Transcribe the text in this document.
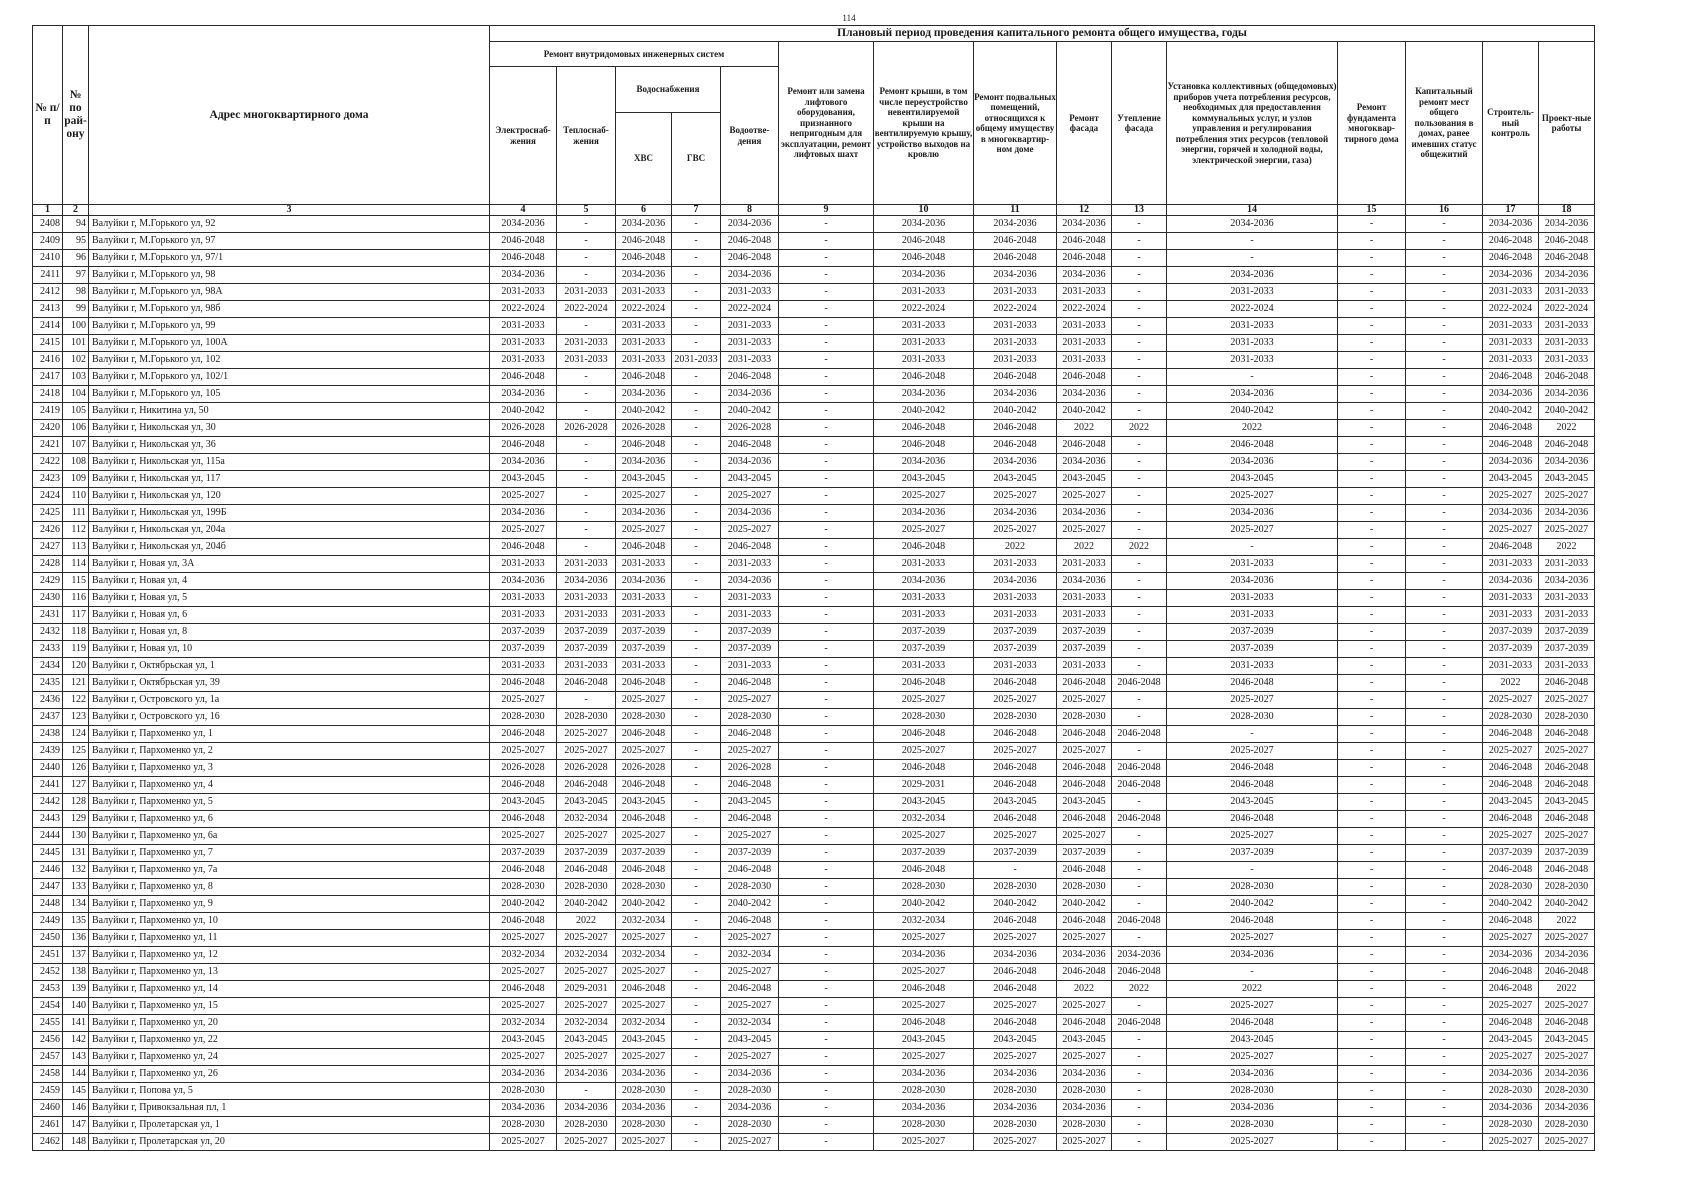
114
№ п/п	№ по рай-ону	Адрес многоквартирного дома	Плановый период проведения капитального ремонта общего имущества, годы														
			Ремонт внутридомовых инженерных систем					Ремонт или замена лифтового оборудования, признанного непригодным для эксплуатации, ремонт лифтовых шахт	Ремонт крыши, в том числе переустройство невентилируемой крыши на вентилируемую крышу, устройство выходов на кровлю	Ремонт подвальных помещений, относящихся к общему имуществу в многоквартир-ном доме	Ремонт фасада	Утепление фасада	Установка коллективных (общедомовых) приборов учета потребления ресурсов, необходимых для предоставления коммунальных услуг, и узлов управления и регулирования потребления этих ресурсов (тепловой энергии, горячей и холодной воды, электрической энергии, газа)	Ремонт фундамента многоквар-тирного дома	Капитальный ремонт мест общего пользования в домах, ранее имевших статус общежитий	Строитель-ный контроль	Проект-ные работы
			Электроснаб-жения	Теплоснаб-жения	Водоснабжения		Водоотве-дения										
					ХВС	ГВС											
1	2	3	4	5	6	7	8	9	10	11	12	13	14	15	16	17	18
2408	94	Валуйки г, М.Горького ул, 92	2034-2036	-	2034-2036	-	2034-2036	-	2034-2036	2034-2036	2034-2036	-	2034-2036	-	-	2034-2036	2034-2036
2409	95	Валуйки г, М.Горького ул, 97	2046-2048	-	2046-2048	-	2046-2048	-	2046-2048	2046-2048	2046-2048	-	-	-	-	2046-2048	2046-2048
2410	96	Валуйки г, М.Горького ул, 97/1	2046-2048	-	2046-2048	-	2046-2048	-	2046-2048	2046-2048	2046-2048	-	-	-	-	2046-2048	2046-2048
2411	97	Валуйки г, М.Горького ул, 98	2034-2036	-	2034-2036	-	2034-2036	-	2034-2036	2034-2036	2034-2036	-	2034-2036	-	-	2034-2036	2034-2036
2412	98	Валуйки г, М.Горького ул, 98А	2031-2033	2031-2033	2031-2033	-	2031-2033	-	2031-2033	2031-2033	2031-2033	-	2031-2033	-	-	2031-2033	2031-2033
2413	99	Валуйки г, М.Горького ул, 98б	2022-2024	2022-2024	2022-2024	-	2022-2024	-	2022-2024	2022-2024	2022-2024	-	2022-2024	-	-	2022-2024	2022-2024
2414	100	Валуйки г, М.Горького ул, 99	2031-2033	-	2031-2033	-	2031-2033	-	2031-2033	2031-2033	2031-2033	-	2031-2033	-	-	2031-2033	2031-2033
2415	101	Валуйки г, М.Горького ул, 100А	2031-2033	2031-2033	2031-2033	-	2031-2033	-	2031-2033	2031-2033	2031-2033	-	2031-2033	-	-	2031-2033	2031-2033
2416	102	Валуйки г, М.Горького ул, 102	2031-2033	2031-2033	2031-2033	2031-2033	2031-2033	-	2031-2033	2031-2033	2031-2033	-	2031-2033	-	-	2031-2033	2031-2033
2417	103	Валуйки г, М.Горького ул, 102/1	2046-2048	-	2046-2048	-	2046-2048	-	2046-2048	2046-2048	2046-2048	-	-	-	-	2046-2048	2046-2048
2418	104	Валуйки г, М.Горького ул, 105	2034-2036	-	2034-2036	-	2034-2036	-	2034-2036	2034-2036	2034-2036	-	2034-2036	-	-	2034-2036	2034-2036
2419	105	Валуйки г, Никитина ул, 50	2040-2042	-	2040-2042	-	2040-2042	-	2040-2042	2040-2042	2040-2042	-	2040-2042	-	-	2040-2042	2040-2042
2420	106	Валуйки г, Никольская ул, 30	2026-2028	2026-2028	2026-2028	-	2026-2028	-	2046-2048	2046-2048	2022	2022	2022	-	-	2046-2048	2022
2421	107	Валуйки г, Никольская ул, 36	2046-2048	-	2046-2048	-	2046-2048	-	2046-2048	2046-2048	2046-2048	-	2046-2048	-	-	2046-2048	2046-2048
2422	108	Валуйки г, Никольская ул, 115а	2034-2036	-	2034-2036	-	2034-2036	-	2034-2036	2034-2036	2034-2036	-	2034-2036	-	-	2034-2036	2034-2036
2423	109	Валуйки г, Никольская ул, 117	2043-2045	-	2043-2045	-	2043-2045	-	2043-2045	2043-2045	2043-2045	-	2043-2045	-	-	2043-2045	2043-2045
2424	110	Валуйки г, Никольская ул, 120	2025-2027	-	2025-2027	-	2025-2027	-	2025-2027	2025-2027	2025-2027	-	2025-2027	-	-	2025-2027	2025-2027
2425	111	Валуйки г, Никольская ул, 199Б	2034-2036	-	2034-2036	-	2034-2036	-	2034-2036	2034-2036	2034-2036	-	2034-2036	-	-	2034-2036	2034-2036
2426	112	Валуйки г, Никольская ул, 204а	2025-2027	-	2025-2027	-	2025-2027	-	2025-2027	2025-2027	2025-2027	-	2025-2027	-	-	2025-2027	2025-2027
2427	113	Валуйки г, Никольская ул, 204б	2046-2048	-	2046-2048	-	2046-2048	-	2046-2048	2022	2022	2022	-	-	-	2046-2048	2022
2428	114	Валуйки г, Новая ул, 3А	2031-2033	2031-2033	2031-2033	-	2031-2033	-	2031-2033	2031-2033	2031-2033	-	2031-2033	-	-	2031-2033	2031-2033
2429	115	Валуйки г, Новая ул, 4	2034-2036	2034-2036	2034-2036	-	2034-2036	-	2034-2036	2034-2036	2034-2036	-	2034-2036	-	-	2034-2036	2034-2036
2430	116	Валуйки г, Новая ул, 5	2031-2033	2031-2033	2031-2033	-	2031-2033	-	2031-2033	2031-2033	2031-2033	-	2031-2033	-	-	2031-2033	2031-2033
2431	117	Валуйки г, Новая ул, 6	2031-2033	2031-2033	2031-2033	-	2031-2033	-	2031-2033	2031-2033	2031-2033	-	2031-2033	-	-	2031-2033	2031-2033
2432	118	Валуйки г, Новая ул, 8	2037-2039	2037-2039	2037-2039	-	2037-2039	-	2037-2039	2037-2039	2037-2039	-	2037-2039	-	-	2037-2039	2037-2039
2433	119	Валуйки г, Новая ул, 10	2037-2039	2037-2039	2037-2039	-	2037-2039	-	2037-2039	2037-2039	2037-2039	-	2037-2039	-	-	2037-2039	2037-2039
2434	120	Валуйки г, Октябрьская ул, 1	2031-2033	2031-2033	2031-2033	-	2031-2033	-	2031-2033	2031-2033	2031-2033	-	2031-2033	-	-	2031-2033	2031-2033
2435	121	Валуйки г, Октябрьская ул, 39	2046-2048	2046-2048	2046-2048	-	2046-2048	-	2046-2048	2046-2048	2046-2048	2046-2048	2046-2048	-	-	2022	2046-2048
2436	122	Валуйки г, Островского ул, 1а	2025-2027	-	2025-2027	-	2025-2027	-	2025-2027	2025-2027	2025-2027	-	2025-2027	-	-	2025-2027	2025-2027
2437	123	Валуйки г, Островского ул, 16	2028-2030	2028-2030	2028-2030	-	2028-2030	-	2028-2030	2028-2030	2028-2030	-	2028-2030	-	-	2028-2030	2028-2030
2438	124	Валуйки г, Пархоменко ул, 1	2046-2048	2025-2027	2046-2048	-	2046-2048	-	2046-2048	2046-2048	2046-2048	2046-2048	-	-	-	2046-2048	2046-2048
2439	125	Валуйки г, Пархоменко ул, 2	2025-2027	2025-2027	2025-2027	-	2025-2027	-	2025-2027	2025-2027	2025-2027	-	2025-2027	-	-	2025-2027	2025-2027
2440	126	Валуйки г, Пархоменко ул, 3	2026-2028	2026-2028	2026-2028	-	2026-2028	-	2046-2048	2046-2048	2046-2048	2046-2048	2046-2048	-	-	2046-2048	2046-2048
2441	127	Валуйки г, Пархоменко ул, 4	2046-2048	2046-2048	2046-2048	-	2046-2048	-	2029-2031	2046-2048	2046-2048	2046-2048	2046-2048	-	-	2046-2048	2046-2048
2442	128	Валуйки г, Пархоменко ул, 5	2043-2045	2043-2045	2043-2045	-	2043-2045	-	2043-2045	2043-2045	2043-2045	-	2043-2045	-	-	2043-2045	2043-2045
2443	129	Валуйки г, Пархоменко ул, 6	2046-2048	2032-2034	2046-2048	-	2046-2048	-	2032-2034	2046-2048	2046-2048	2046-2048	2046-2048	-	-	2046-2048	2046-2048
2444	130	Валуйки г, Пархоменко ул, 6а	2025-2027	2025-2027	2025-2027	-	2025-2027	-	2025-2027	2025-2027	2025-2027	-	2025-2027	-	-	2025-2027	2025-2027
2445	131	Валуйки г, Пархоменко ул, 7	2037-2039	2037-2039	2037-2039	-	2037-2039	-	2037-2039	2037-2039	2037-2039	-	2037-2039	-	-	2037-2039	2037-2039
2446	132	Валуйки г, Пархоменко ул, 7а	2046-2048	2046-2048	2046-2048	-	2046-2048	-	2046-2048	-	2046-2048	-	-	-	-	2046-2048	2046-2048
2447	133	Валуйки г, Пархоменко ул, 8	2028-2030	2028-2030	2028-2030	-	2028-2030	-	2028-2030	2028-2030	2028-2030	-	2028-2030	-	-	2028-2030	2028-2030
2448	134	Валуйки г, Пархоменко ул, 9	2040-2042	2040-2042	2040-2042	-	2040-2042	-	2040-2042	2040-2042	2040-2042	-	2040-2042	-	-	2040-2042	2040-2042
2449	135	Валуйки г, Пархоменко ул, 10	2046-2048	2022	2032-2034	-	2046-2048	-	2032-2034	2046-2048	2046-2048	2046-2048	2046-2048	-	-	2046-2048	2022
2450	136	Валуйки г, Пархоменко ул, 11	2025-2027	2025-2027	2025-2027	-	2025-2027	-	2025-2027	2025-2027	2025-2027	-	2025-2027	-	-	2025-2027	2025-2027
2451	137	Валуйки г, Пархоменко ул, 12	2032-2034	2032-2034	2032-2034	-	2032-2034	-	2034-2036	2034-2036	2034-2036	2034-2036	2034-2036	-	-	2034-2036	2034-2036
2452	138	Валуйки г, Пархоменко ул, 13	2025-2027	2025-2027	2025-2027	-	2025-2027	-	2025-2027	2046-2048	2046-2048	2046-2048	-	-	-	2046-2048	2046-2048
2453	139	Валуйки г, Пархоменко ул, 14	2046-2048	2029-2031	2046-2048	-	2046-2048	-	2046-2048	2046-2048	2022	2022	2022	-	-	2046-2048	2022
2454	140	Валуйки г, Пархоменко ул, 15	2025-2027	2025-2027	2025-2027	-	2025-2027	-	2025-2027	2025-2027	2025-2027	-	2025-2027	-	-	2025-2027	2025-2027
2455	141	Валуйки г, Пархоменко ул, 20	2032-2034	2032-2034	2032-2034	-	2032-2034	-	2046-2048	2046-2048	2046-2048	2046-2048	2046-2048	-	-	2046-2048	2046-2048
2456	142	Валуйки г, Пархоменко ул, 22	2043-2045	2043-2045	2043-2045	-	2043-2045	-	2043-2045	2043-2045	2043-2045	-	2043-2045	-	-	2043-2045	2043-2045
2457	143	Валуйки г, Пархоменко ул, 24	2025-2027	2025-2027	2025-2027	-	2025-2027	-	2025-2027	2025-2027	2025-2027	-	2025-2027	-	-	2025-2027	2025-2027
2458	144	Валуйки г, Пархоменко ул, 26	2034-2036	2034-2036	2034-2036	-	2034-2036	-	2034-2036	2034-2036	2034-2036	-	2034-2036	-	-	2034-2036	2034-2036
2459	145	Валуйки г, Попова ул, 5	2028-2030	-	2028-2030	-	2028-2030	-	2028-2030	2028-2030	2028-2030	-	2028-2030	-	-	2028-2030	2028-2030
2460	146	Валуйки г, Привокзальная пл, 1	2034-2036	2034-2036	2034-2036	-	2034-2036	-	2034-2036	2034-2036	2034-2036	-	2034-2036	-	-	2034-2036	2034-2036
2461	147	Валуйки г, Пролетарская ул, 1	2028-2030	2028-2030	2028-2030	-	2028-2030	-	2028-2030	2028-2030	2028-2030	-	2028-2030	-	-	2028-2030	2028-2030
2462	148	Валуйки г, Пролетарская ул, 20	2025-2027	2025-2027	2025-2027	-	2025-2027	-	2025-2027	2025-2027	2025-2027	-	2025-2027	-	-	2025-2027	2025-2027
